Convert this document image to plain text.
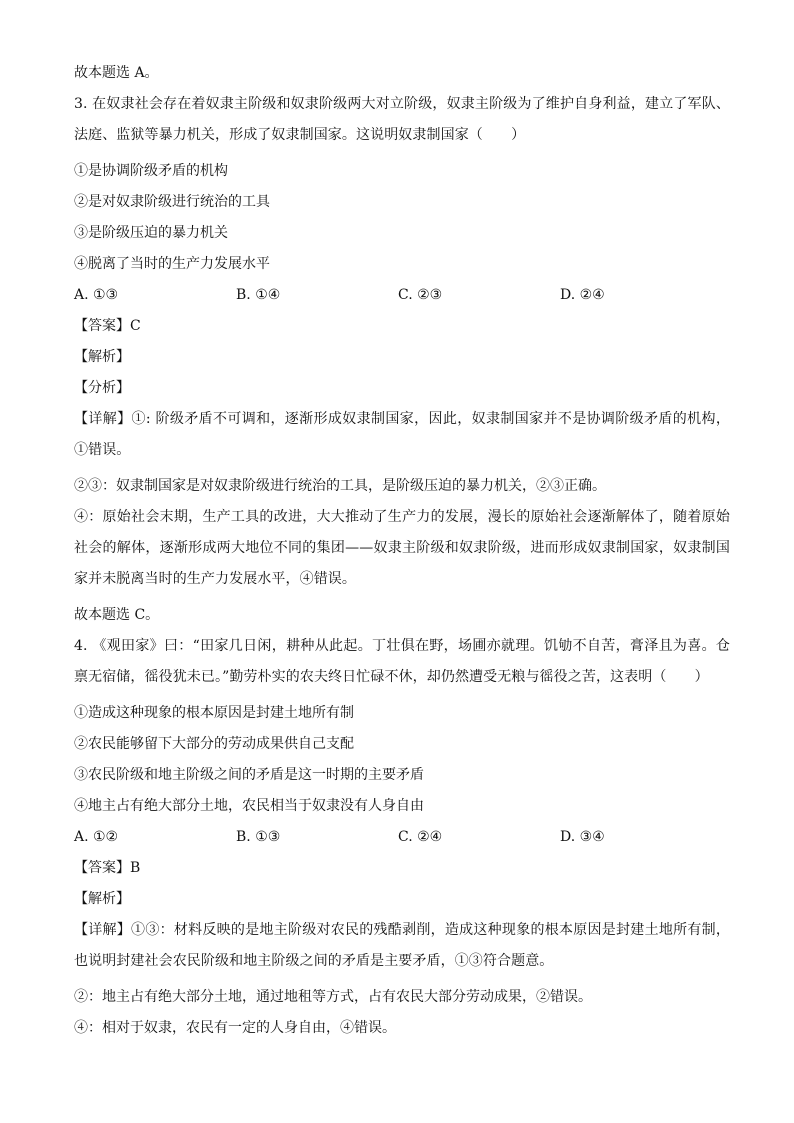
故本题选 A。

3. 在奴隶社会存在着奴隶主阶级和奴隶阶级两大对立阶级，奴隶主阶级为了维护自身利益，建立了军队、法庭、监狱等暴力机关，形成了奴隶制国家。这说明奴隶制国家（　　）

①是协调阶级矛盾的机构

②是对奴隶阶级进行统治的工具

③是阶级压迫的暴力机关

④脱离了当时的生产力发展水平

A. ①③	B. ①④	C. ②③	D. ②④

【答案】C

【解析】

【分析】

【详解】①: 阶级矛盾不可调和，逐渐形成奴隶制国家，因此，奴隶制国家并不是协调阶级矛盾的机构，①错误。

②③：奴隶制国家是对奴隶阶级进行统治的工具，是阶级压迫的暴力机关，②③正确。

④：原始社会末期，生产工具的改进，大大推动了生产力的发展，漫长的原始社会逐渐解体了，随着原始社会的解体，逐渐形成两大地位不同的集团——奴隶主阶级和奴隶阶级，进而形成奴隶制国家，奴隶制国家并未脱离当时的生产力发展水平，④错误。

故本题选 C。

4. 《观田家》曰：“田家几日闲，耕种从此起。丁壮俱在野，场圃亦就理。饥劬不自苦，膏泽且为喜。仓禀无宿储，徭役犹未已。”勤劳朴实的农夫终日忙碌不休，却仍然遭受无粮与徭役之苦，这表明（　　）

①造成这种现象的根本原因是封建土地所有制

②农民能够留下大部分的劳动成果供自己支配

③农民阶级和地主阶级之间的矛盾是这一时期的主要矛盾

④地主占有绝大部分土地，农民相当于奴隶没有人身自由

A. ①②	B. ①③	C. ②④	D. ③④

【答案】B

【解析】

【详解】①③：材料反映的是地主阶级对农民的残酷剥削，造成这种现象的根本原因是封建土地所有制，也说明封建社会农民阶级和地主阶级之间的矛盾是主要矛盾，①③符合题意。

②：地主占有绝大部分土地，通过地租等方式，占有农民大部分劳动成果，②错误。

④：相对于奴隶，农民有一定的人身自由，④错误。
